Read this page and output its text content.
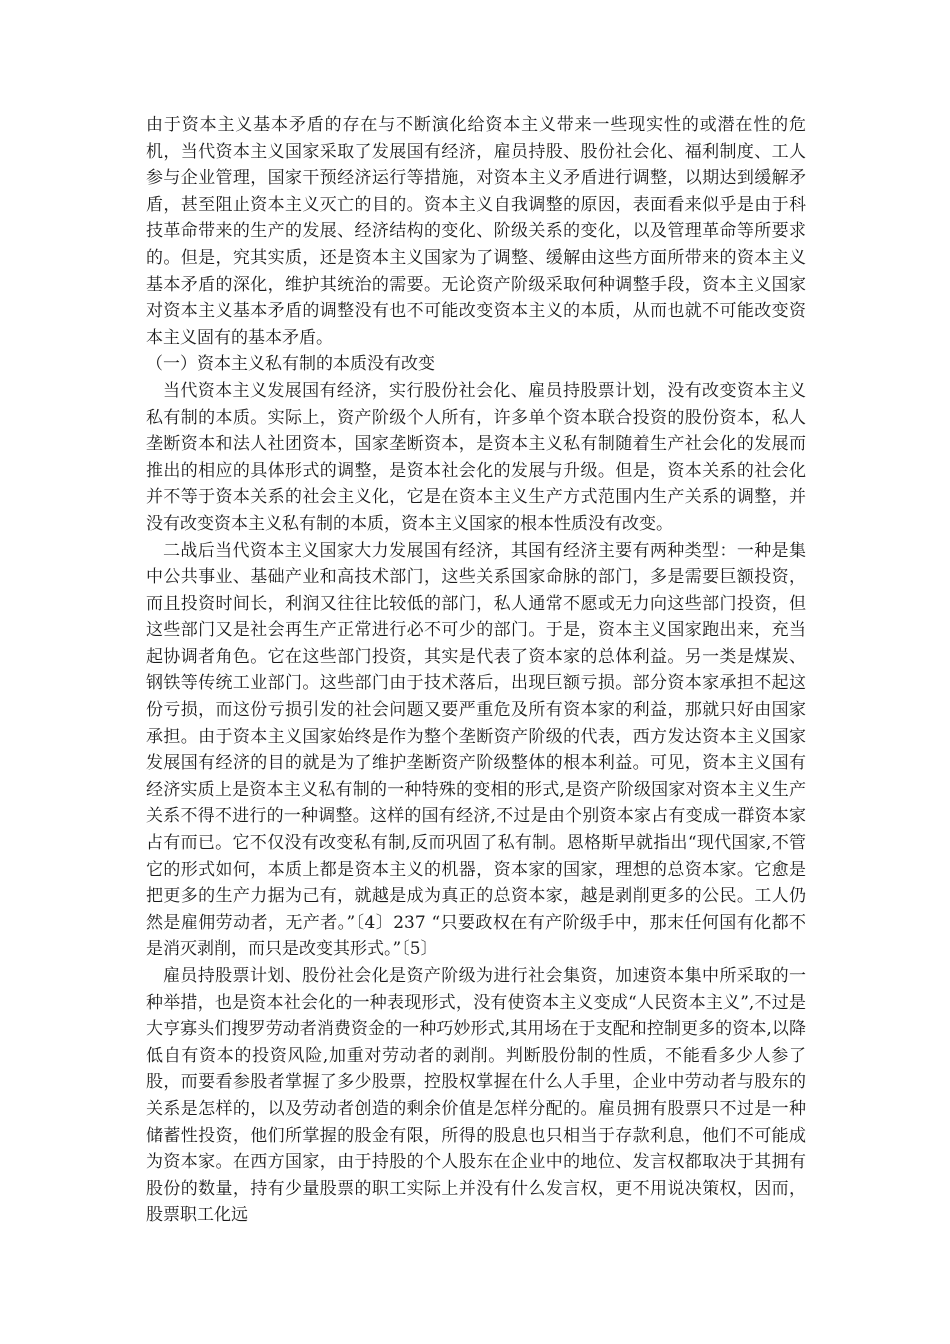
由于资本主义基本矛盾的存在与不断演化给资本主义带来一些现实性的或潜在性的危机，当代资本主义国家采取了发展国有经济，雇员持股、股份社会化、福利制度、工人参与企业管理，国家干预经济运行等措施，对资本主义矛盾进行调整，以期达到缓解矛盾，甚至阻止资本主义灭亡的目的。资本主义自我调整的原因，表面看来似乎是由于科技革命带来的生产的发展、经济结构的变化、阶级关系的变化，以及管理革命等所要求的。但是，究其实质，还是资本主义国家为了调整、缓解由这些方面所带来的资本主义基本矛盾的深化，维护其统治的需要。无论资产阶级采取何种调整手段，资本主义国家对资本主义基本矛盾的调整没有也不可能改变资本主义的本质，从而也就不可能改变资本主义固有的基本矛盾。

（一）资本主义私有制的本质没有改变

当代资本主义发展国有经济，实行股份社会化、雇员持股票计划，没有改变资本主义私有制的本质。实际上，资产阶级个人所有，许多单个资本联合投资的股份资本，私人垄断资本和法人社团资本，国家垄断资本，是资本主义私有制随着生产社会化的发展而推出的相应的具体形式的调整，是资本社会化的发展与升级。但是，资本关系的社会化并不等于资本关系的社会主义化，它是在资本主义生产方式范围内生产关系的调整，并没有改变资本主义私有制的本质，资本主义国家的根本性质没有改变。

二战后当代资本主义国家大力发展国有经济，其国有经济主要有两种类型：一种是集中公共事业、基础产业和高技术部门，这些关系国家命脉的部门，多是需要巨额投资，而且投资时间长，利润又往往比较低的部门，私人通常不愿或无力向这些部门投资，但这些部门又是社会再生产正常进行必不可少的部门。于是，资本主义国家跑出来，充当起协调者角色。它在这些部门投资，其实是代表了资本家的总体利益。另一类是煤炭、钢铁等传统工业部门。这些部门由于技术落后，出现巨额亏损。部分资本家承担不起这份亏损，而这份亏损引发的社会问题又要严重危及所有资本家的利益，那就只好由国家承担。由于资本主义国家始终是作为整个垄断资产阶级的代表，西方发达资本主义国家发展国有经济的目的就是为了维护垄断资产阶级整体的根本利益。可见，资本主义国有经济实质上是资本主义私有制的一种特殊的变相的形式,是资产阶级国家对资本主义生产关系不得不进行的一种调整。这样的国有经济,不过是由个别资本家占有变成一群资本家占有而已。它不仅没有改变私有制,反而巩固了私有制。恩格斯早就指出“现代国家,不管它的形式如何，本质上都是资本主义的机器，资本家的国家，理想的总资本家。它愈是把更多的生产力据为己有，就越是成为真正的总资本家，越是剥削更多的公民。工人仍然是雇佣劳动者，无产者。”〔4〕237 “只要政权在有产阶级手中，那末任何国有化都不是消灭剥削，而只是改变其形式。”〔5〕

雇员持股票计划、股份社会化是资产阶级为进行社会集资，加速资本集中所采取的一种举措，也是资本社会化的一种表现形式，没有使资本主义变成“人民资本主义”,不过是大亨寡头们搜罗劳动者消费资金的一种巧妙形式,其用场在于支配和控制更多的资本,以降低自有资本的投资风险,加重对劳动者的剥削。判断股份制的性质，不能看多少人参了股，而要看参股者掌握了多少股票，控股权掌握在什么人手里，企业中劳动者与股东的关系是怎样的，以及劳动者创造的剩余价值是怎样分配的。雇员拥有股票只不过是一种储蓄性投资，他们所掌握的股金有限，所得的股息也只相当于存款利息，他们不可能成为资本家。在西方国家，由于持股的个人股东在企业中的地位、发言权都取决于其拥有股份的数量，持有少量股票的职工实际上并没有什么发言权，更不用说决策权，因而，股票职工化远
